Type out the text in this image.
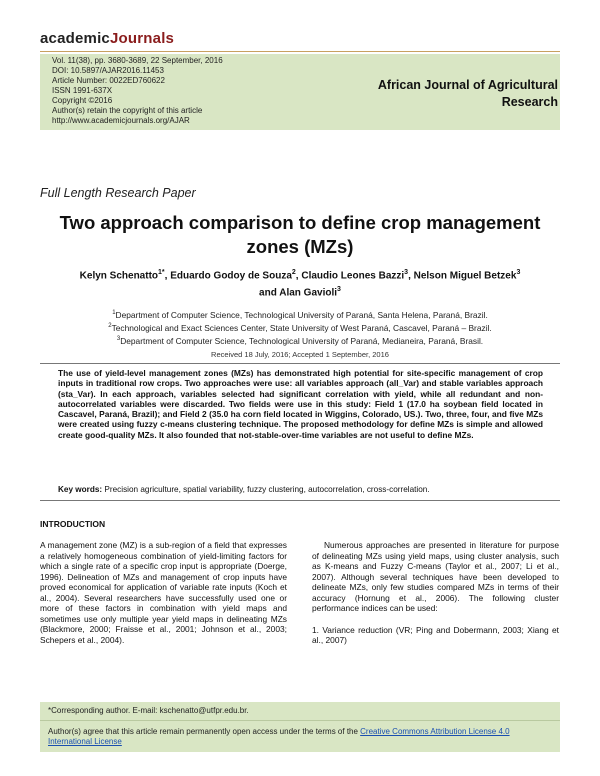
academicJournals
Vol. 11(38), pp. 3680-3689, 22 September, 2016
DOI: 10.5897/AJAR2016.11453
Article Number: 0022ED760622
ISSN 1991-637X
Copyright ©2016
Author(s) retain the copyright of this article
http://www.academicjournals.org/AJAR
African Journal of Agricultural
Research
Full Length Research Paper
Two approach comparison to define crop management
zones (MZs)
Kelyn Schenatto$^{1*}$, Eduardo Godoy de Souza$^2$, Claudio Leones Bazzi$^3$, Nelson Miguel Betzek$^3$
and Alan Gavioli$^3$
$^1$Department of Computer Science, Technological University of Paraná, Santa Helena, Paraná, Brazil.
$^2$Technological and Exact Sciences Center, State University of West Paraná, Cascavel, Paraná – Brazil.
$^3$Department of Computer Science, Technological University of Paraná, Medianeira, Paraná, Brasil.
Received 18 July, 2016; Accepted 1 September, 2016
The use of yield-level management zones (MZs) has demonstrated high potential for site-specific management of crop inputs in traditional row crops. Two approaches were use: all variables approach (all_Var) and stable variables approach (sta_Var). In each approach, variables selected had significant correlation with yield, while all redundant and non-autocorrelated variables were discarded. Two fields were use in this study: Field 1 (17.0 ha soybean field located in Cascavel, Paraná, Brazil); and Field 2 (35.0 ha corn field located in Wiggins, Colorado, US.). Two, three, four, and five MZs were created using fuzzy c-means clustering technique. The proposed methodology for define MZs is simple and allowed create good-quality MZs. It also founded that not-stable-over-time variables are not useful to define MZs.
Key words: Precision agriculture, spatial variability, fuzzy clustering, autocorrelation, cross-correlation.
INTRODUCTION

A management zone (MZ) is a sub-region of a field that expresses a relatively homogeneous combination of yield-limiting factors for which a single rate of a specific crop input is appropriate (Doerge, 1996). Delineation of MZs and management of crop inputs have proved economical for application of variable rate inputs (Koch et al., 2004). Several researchers have successfully used one or more of these factors in combination with yield maps and sometimes use only multiple year yield maps in delineating MZs (Blackmore, 2000; Fraisse et al., 2001; Johnson et al., 2003; Schepers et al., 2004).

Numerous approaches are presented in literature for purpose of delineating MZs using yield maps, using cluster analysis, such as K-means and Fuzzy C-means (Taylor et al., 2007; Li et al., 2007). Although several techniques have been developed to delineate MZs, only few studies compared MZs in terms of their accuracy (Hornung et al., 2006). The following cluster performance indices can be used:

1. Variance reduction (VR; Ping and Dobermann, 2003; Xiang et al., 2007)

*Corresponding author. E-mail: kschenatto@utfpr.edu.br.
Author(s) agree that this article remain permanently open access under the terms of the Creative Commons Attribution License 4.0 International License
